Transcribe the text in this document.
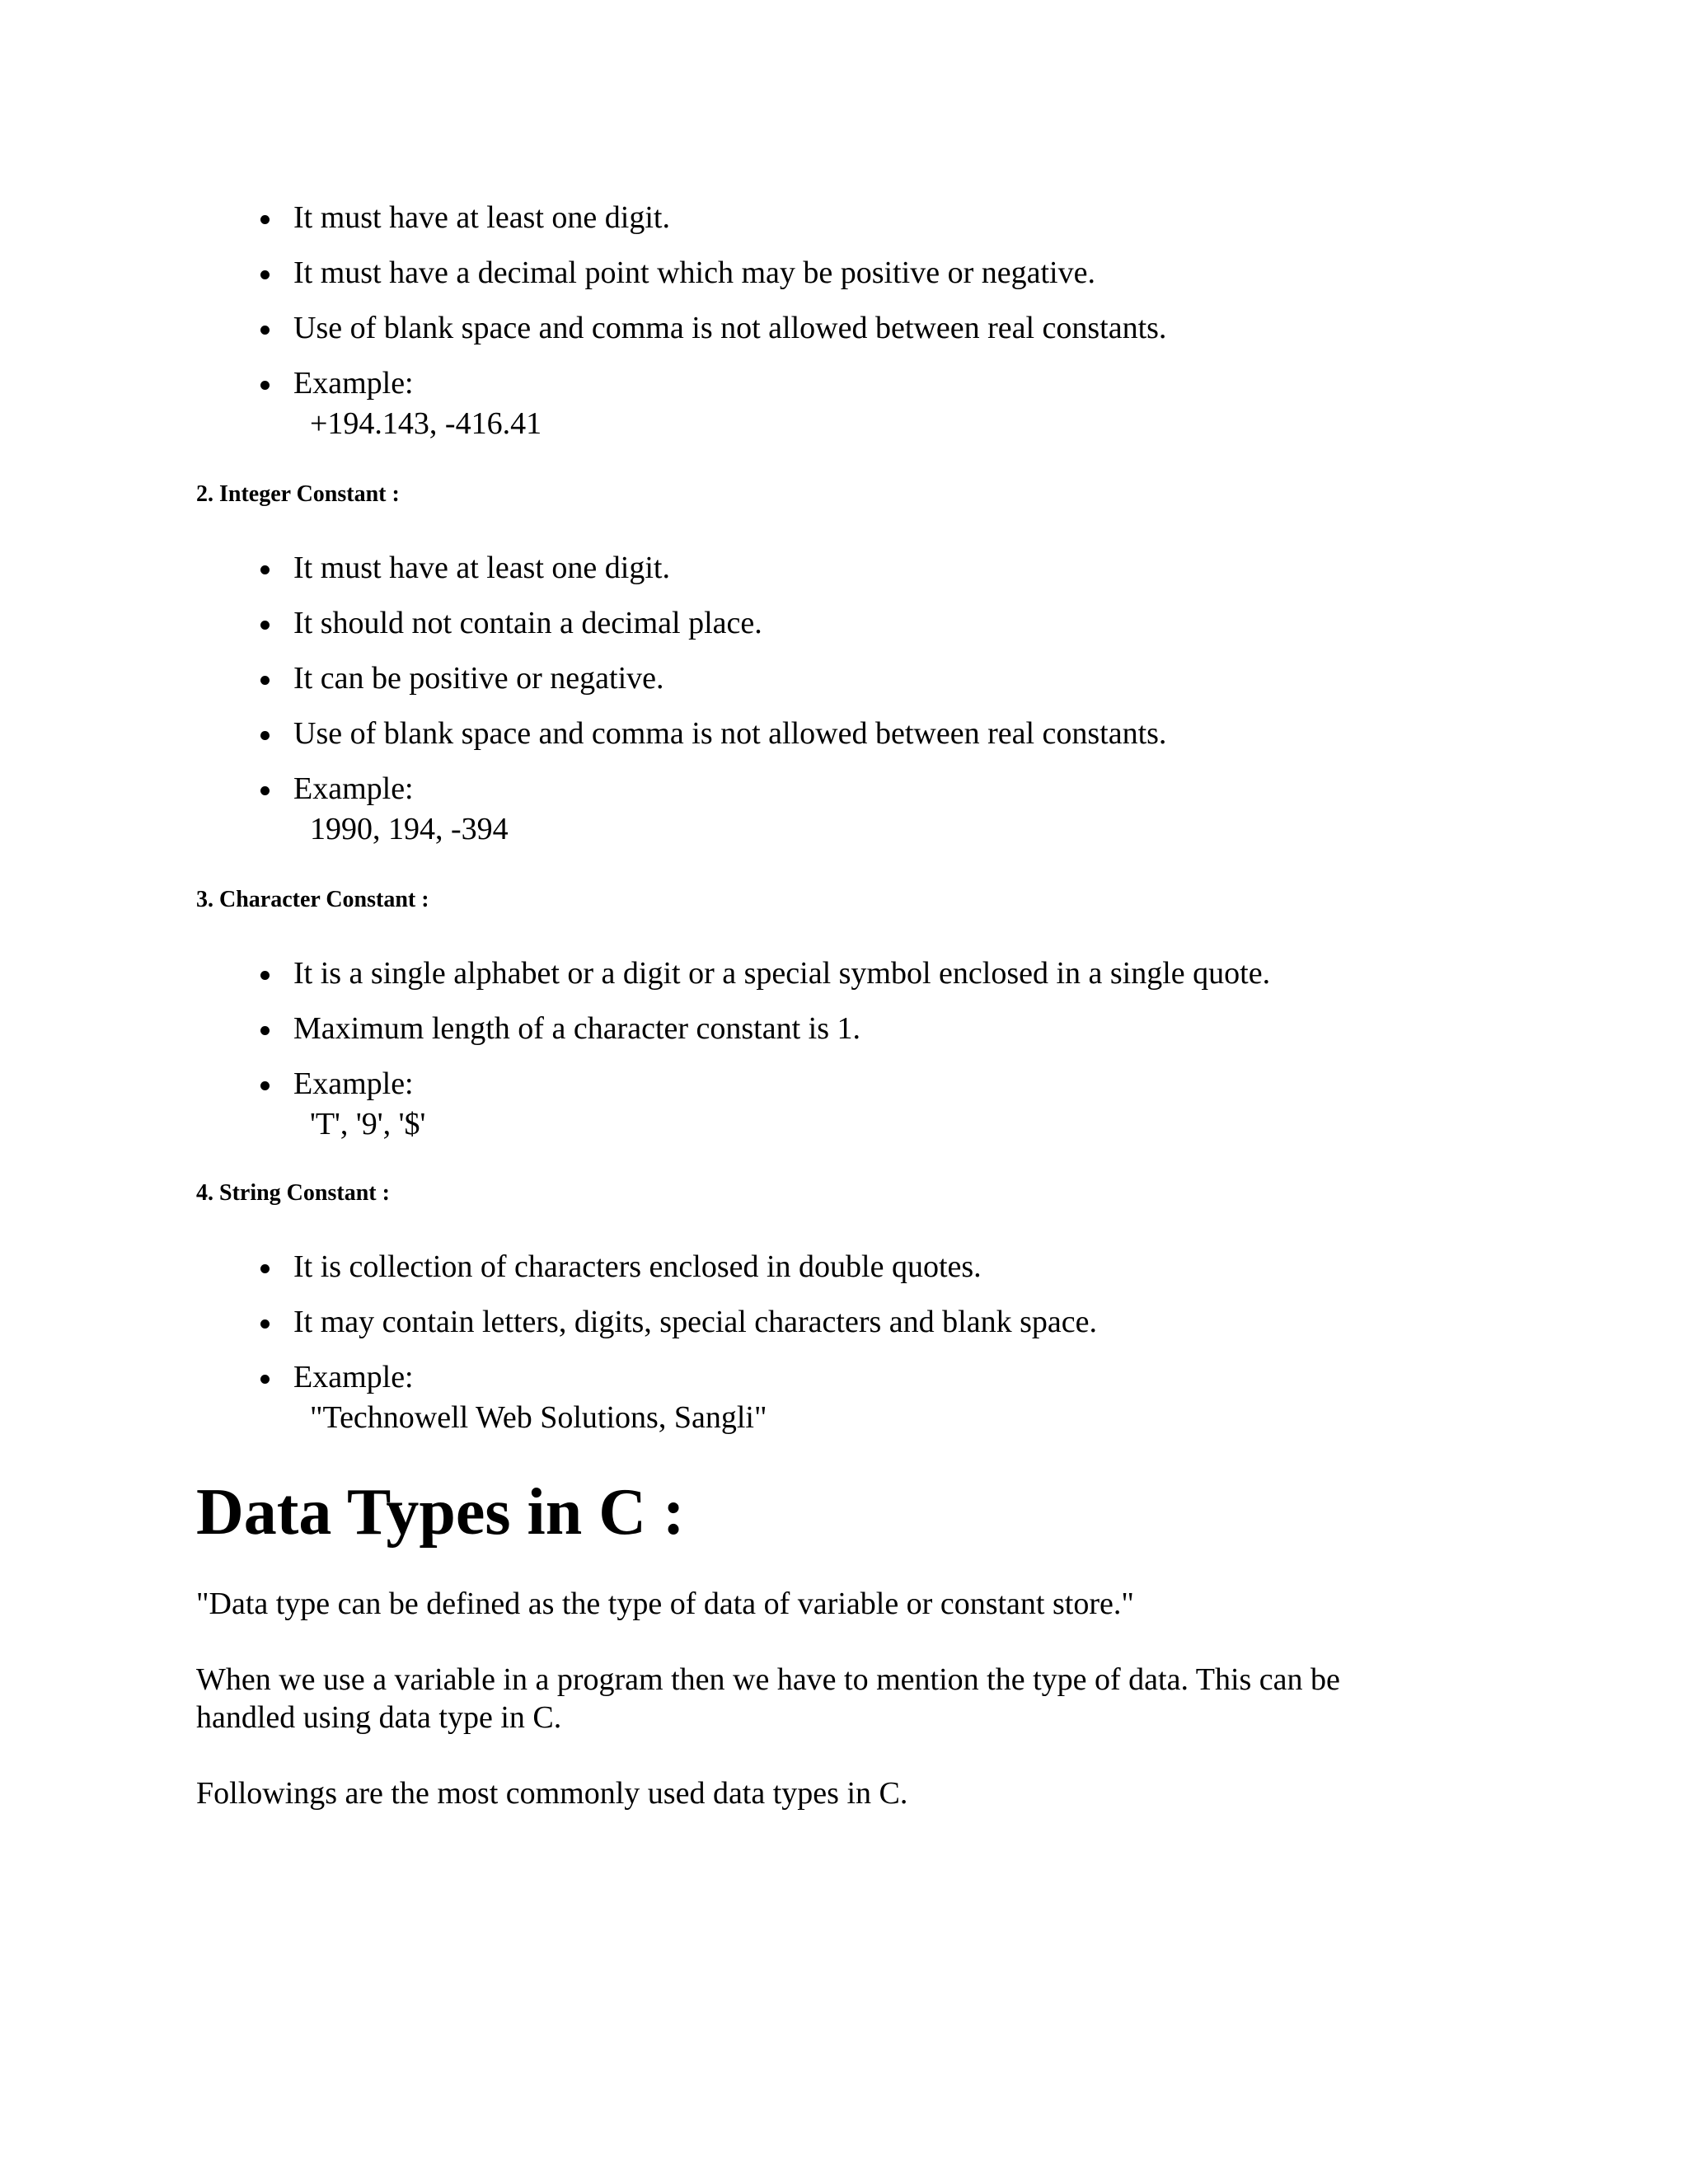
It must have at least one digit.
It must have a decimal point which may be positive or negative.
Use of blank space and comma is not allowed between real constants.
Example:
+194.143, -416.41
2. Integer Constant :
It must have at least one digit.
It should not contain a decimal place.
It can be positive or negative.
Use of blank space and comma is not allowed between real constants.
Example:
1990, 194, -394
3. Character Constant :
It is a single alphabet or a digit or a special symbol enclosed in a single quote.
Maximum length of a character constant is 1.
Example:
'T', '9', '$'
4. String Constant :
It is collection of characters enclosed in double quotes.
It may contain letters, digits, special characters and blank space.
Example:
"Technowell Web Solutions, Sangli"
Data Types in C :

"Data type can be defined as the type of data of variable or constant store."

When we use a variable in a program then we have to mention the type of data. This can be handled using data type in C.

Followings are the most commonly used data types in C.
